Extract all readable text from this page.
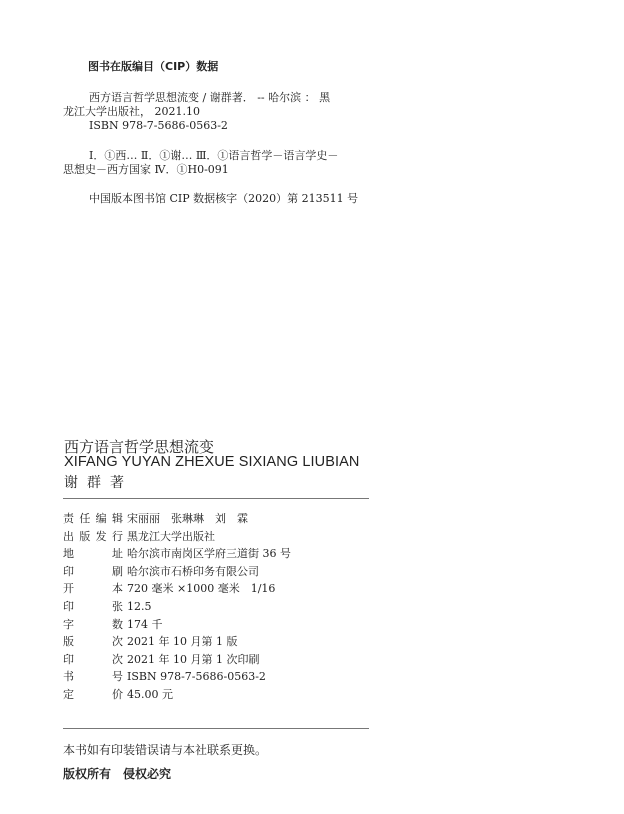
图书在版编目（CIP）数据
西方语言哲学思想流变 / 谢群著． -- 哈尔滨 ： 黑
龙江大学出版社， 2021.10
ISBN 978-7-5686-0563-2
Ⅰ．①西… Ⅱ．①谢… Ⅲ．①语言哲学－语言学史－
思想史－西方国家 Ⅳ．①H0-091
中国版本图书馆 CIP 数据核字（2020）第 213511 号
西方语言哲学思想流变
XIFANG YUYAN ZHEXUE SIXIANG LIUBIAN
谢群著
责任编辑 宋丽丽　张琳琳　刘　霖
出版发行 黑龙江大学出版社
地址 哈尔滨市南岗区学府三道街 36 号
印刷 哈尔滨市石桥印务有限公司
开本 720 毫米 ×1000 毫米　1/16
印张 12.5
字数 174 千
版次 2021 年 10 月第 1 版
印次 2021 年 10 月第 1 次印刷
书号 ISBN 978-7-5686-0563-2
定价 45.00 元
本书如有印装错误请与本社联系更换。
版权所有　侵权必究
